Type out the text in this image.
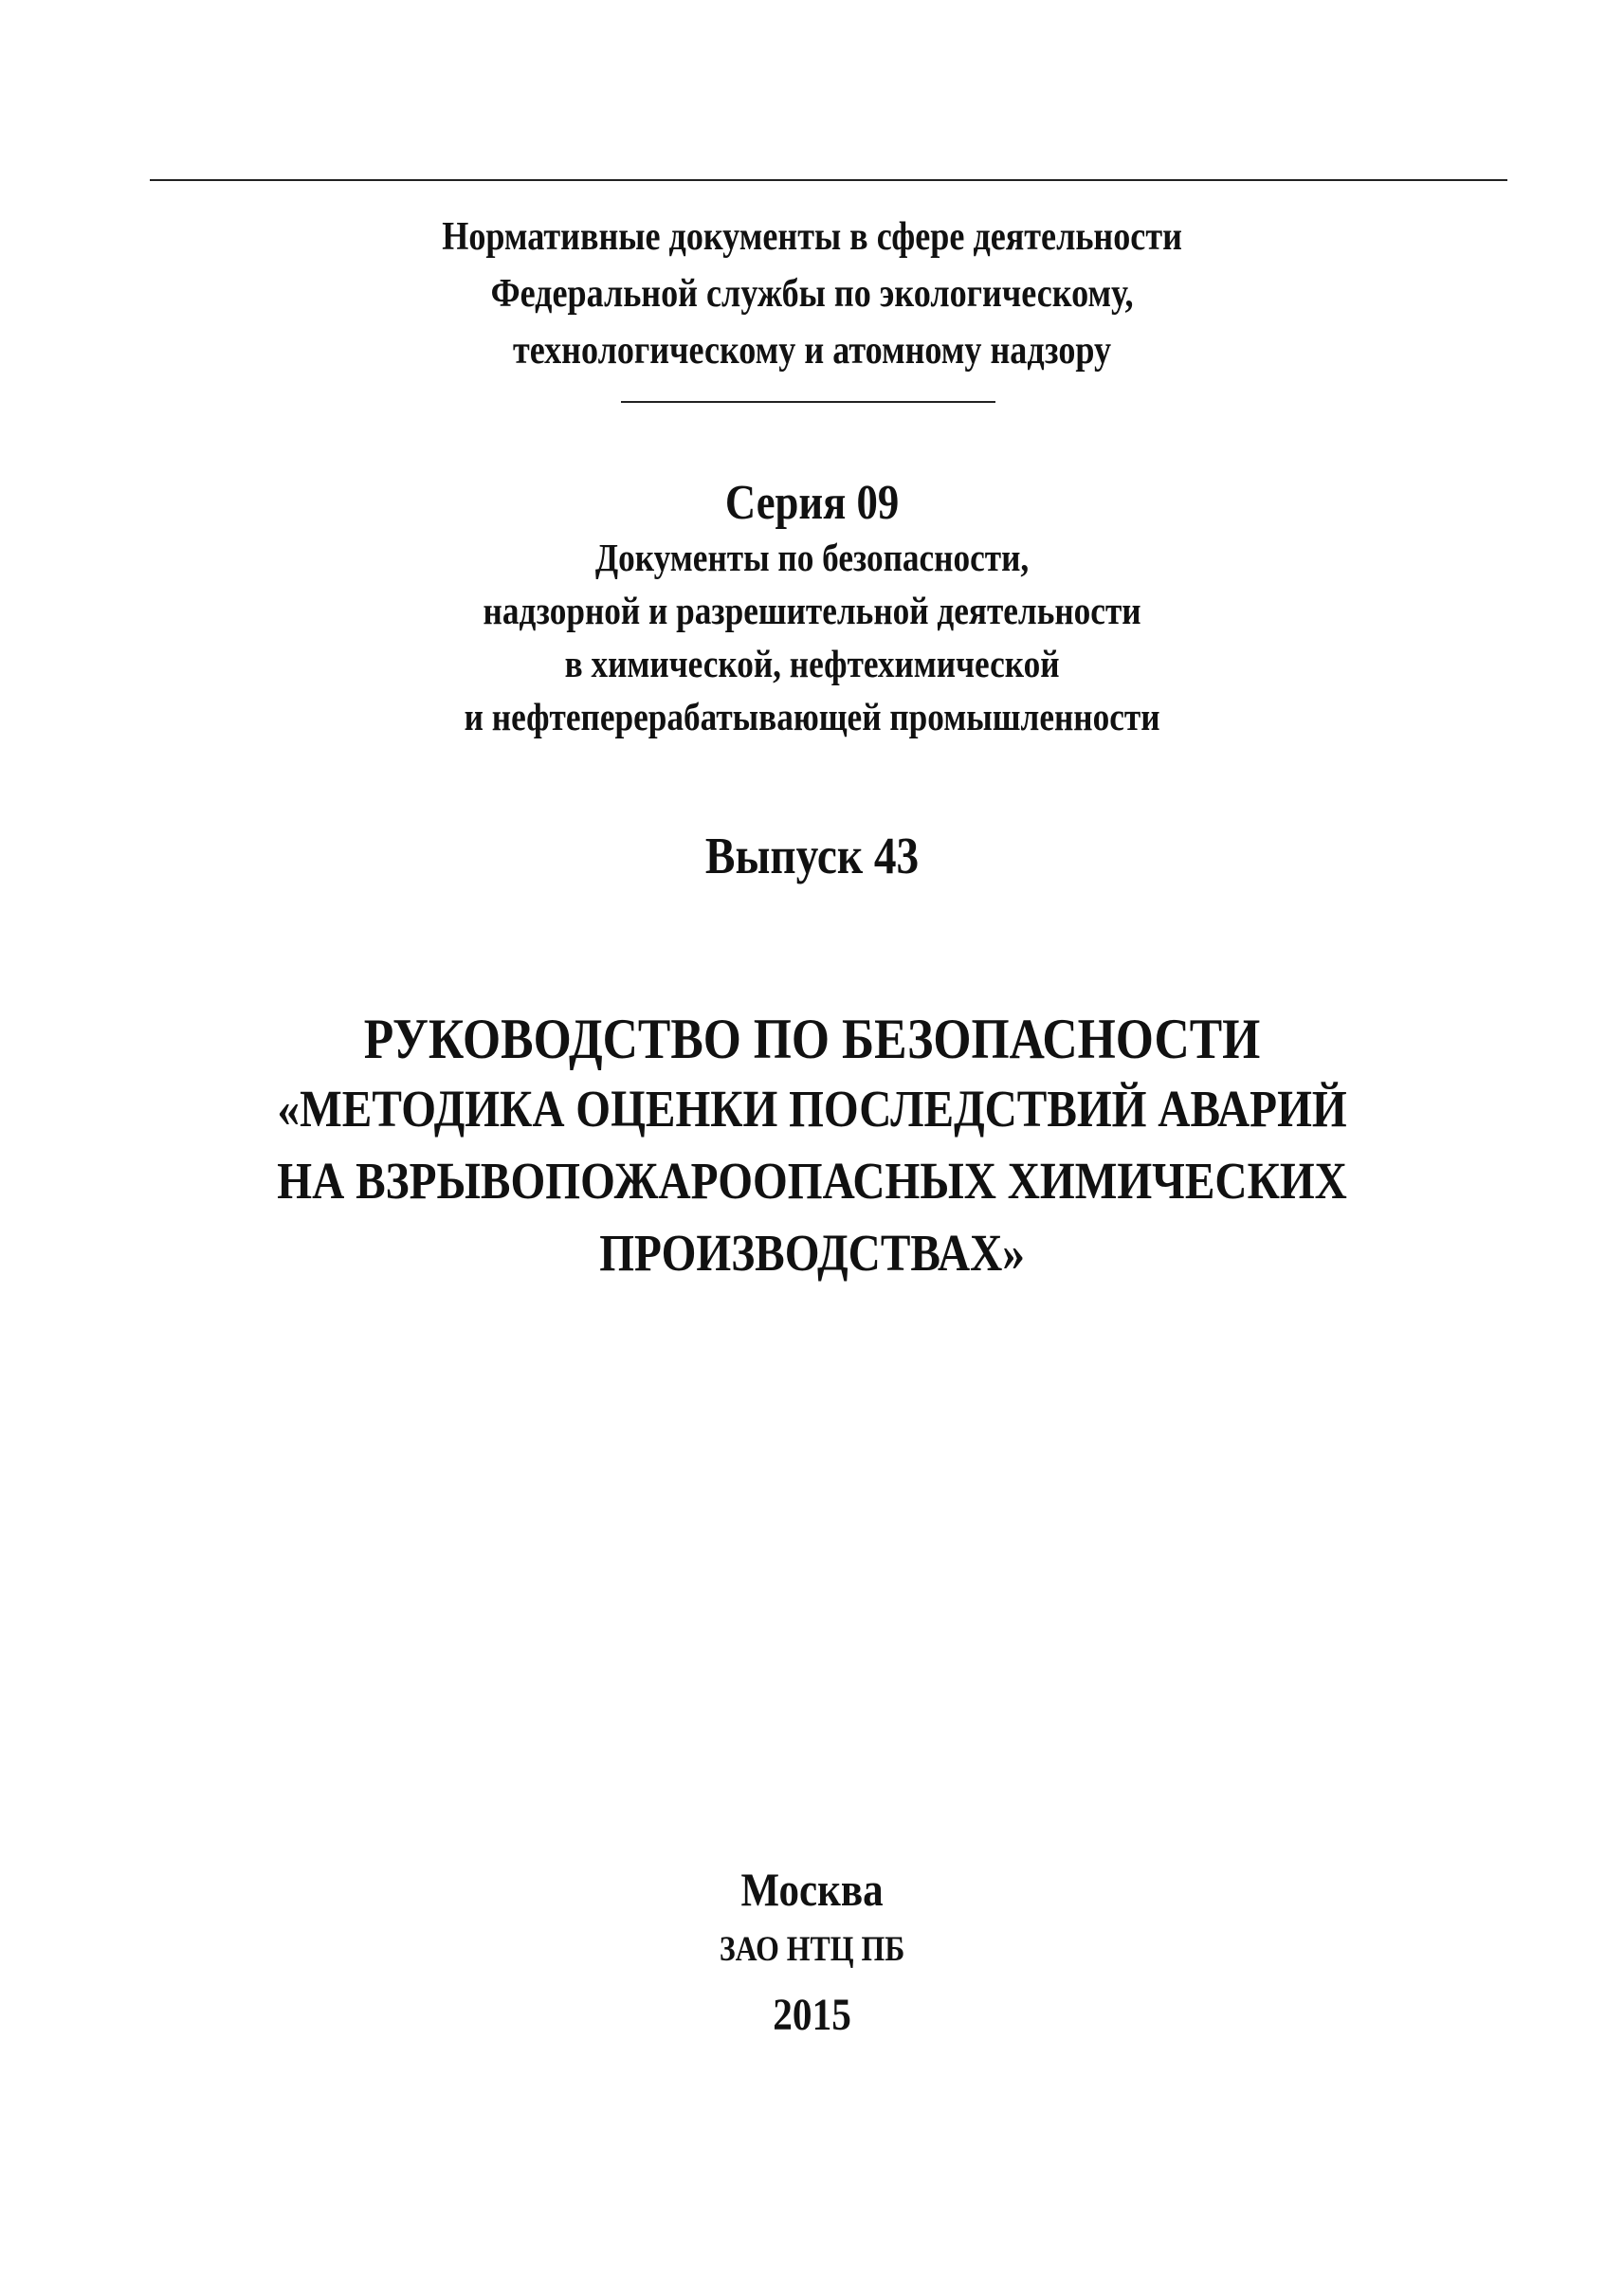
Нормативные документы в сфере деятельности
Федеральной службы по экологическому,
технологическому и атомному надзору
Серия 09
Документы по безопасности,
надзорной и разрешительной деятельности
в химической, нефтехимической
и нефтеперерабатывающей промышленности
Выпуск 43
РУКОВОДСТВО ПО БЕЗОПАСНОСТИ
«МЕТОДИКА ОЦЕНКИ ПОСЛЕДСТВИЙ АВАРИЙ
НА ВЗРЫВОПОЖАРООПАСНЫХ ХИМИЧЕСКИХ
ПРОИЗВОДСТВАХ»
Москва
ЗАО НТЦ ПБ
2015
